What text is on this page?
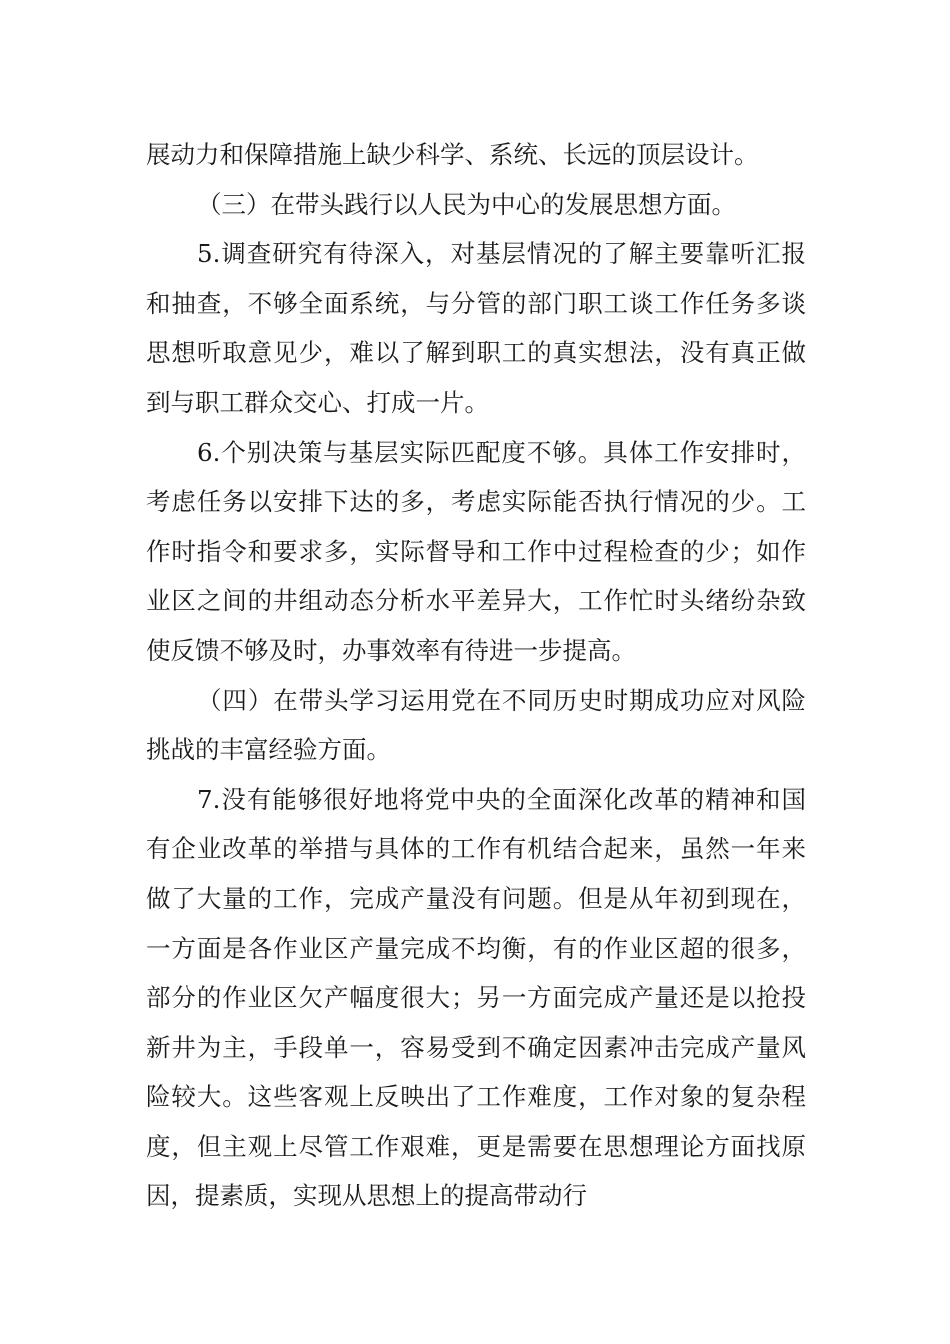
展动力和保障措施上缺少科学、系统、长远的顶层设计。

（三）在带头践行以人民为中心的发展思想方面。

5.调查研究有待深入，对基层情况的了解主要靠听汇报和抽查，不够全面系统，与分管的部门职工谈工作任务多谈思想听取意见少，难以了解到职工的真实想法，没有真正做到与职工群众交心、打成一片。

6.个别决策与基层实际匹配度不够。具体工作安排时，考虑任务以安排下达的多，考虑实际能否执行情况的少。工作时指令和要求多，实际督导和工作中过程检查的少；如作业区之间的井组动态分析水平差异大，工作忙时头绪纷杂致使反馈不够及时，办事效率有待进一步提高。

（四）在带头学习运用党在不同历史时期成功应对风险挑战的丰富经验方面。

7.没有能够很好地将党中央的全面深化改革的精神和国有企业改革的举措与具体的工作有机结合起来，虽然一年来做了大量的工作，完成产量没有问题。但是从年初到现在，一方面是各作业区产量完成不均衡，有的作业区超的很多，部分的作业区欠产幅度很大；另一方面完成产量还是以抢投新井为主，手段单一，容易受到不确定因素冲击完成产量风险较大。这些客观上反映出了工作难度，工作对象的复杂程度，但主观上尽管工作艰难，更是需要在思想理论方面找原因，提素质，实现从思想上的提高带动行
